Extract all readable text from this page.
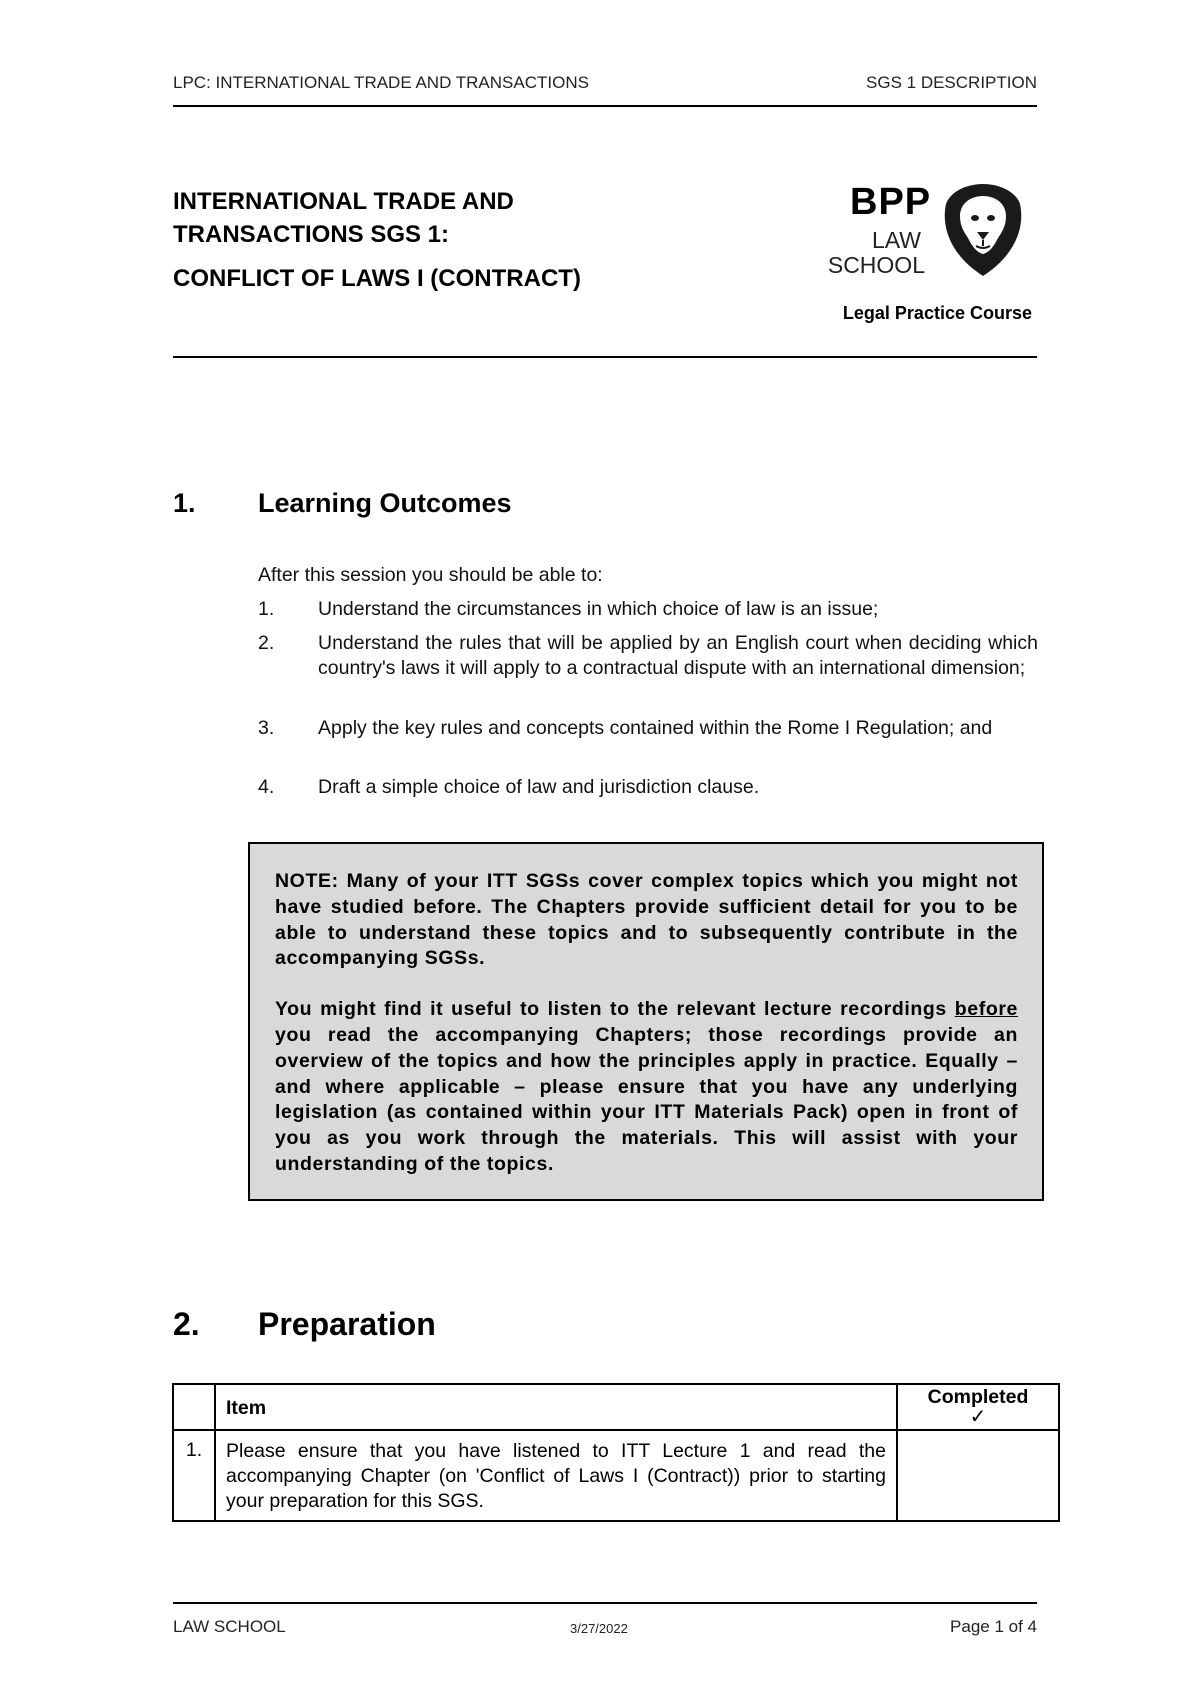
LPC: INTERNATIONAL TRADE AND TRANSACTIONS	SGS 1 DESCRIPTION
INTERNATIONAL TRADE AND
TRANSACTIONS SGS 1:
CONFLICT OF LAWS I (CONTRACT)
BPP
LAW
SCHOOL
Legal Practice Course
1. Learning Outcomes
After this session you should be able to:
1. Understand the circumstances in which choice of law is an issue;
2. Understand the rules that will be applied by an English court when deciding which country's laws it will apply to a contractual dispute with an international dimension;
3. Apply the key rules and concepts contained within the Rome I Regulation; and
4. Draft a simple choice of law and jurisdiction clause.

NOTE: Many of your ITT SGSs cover complex topics which you might not have studied before. The Chapters provide sufficient detail for you to be able to understand these topics and to subsequently contribute in the accompanying SGSs.

You might find it useful to listen to the relevant lecture recordings before you read the accompanying Chapters; those recordings provide an overview of the topics and how the principles apply in practice. Equally – and where applicable – please ensure that you have any underlying legislation (as contained within your ITT Materials Pack) open in front of you as you work through the materials. This will assist with your understanding of the topics.

2. Preparation
	Item	Completed
✓

1.	Please ensure that you have listened to ITT Lecture 1 and read the accompanying Chapter (on 'Conflict of Laws I (Contract)) prior to starting your preparation for this SGS.	
LAW SCHOOL	3/27/2022	Page 1 of 4
